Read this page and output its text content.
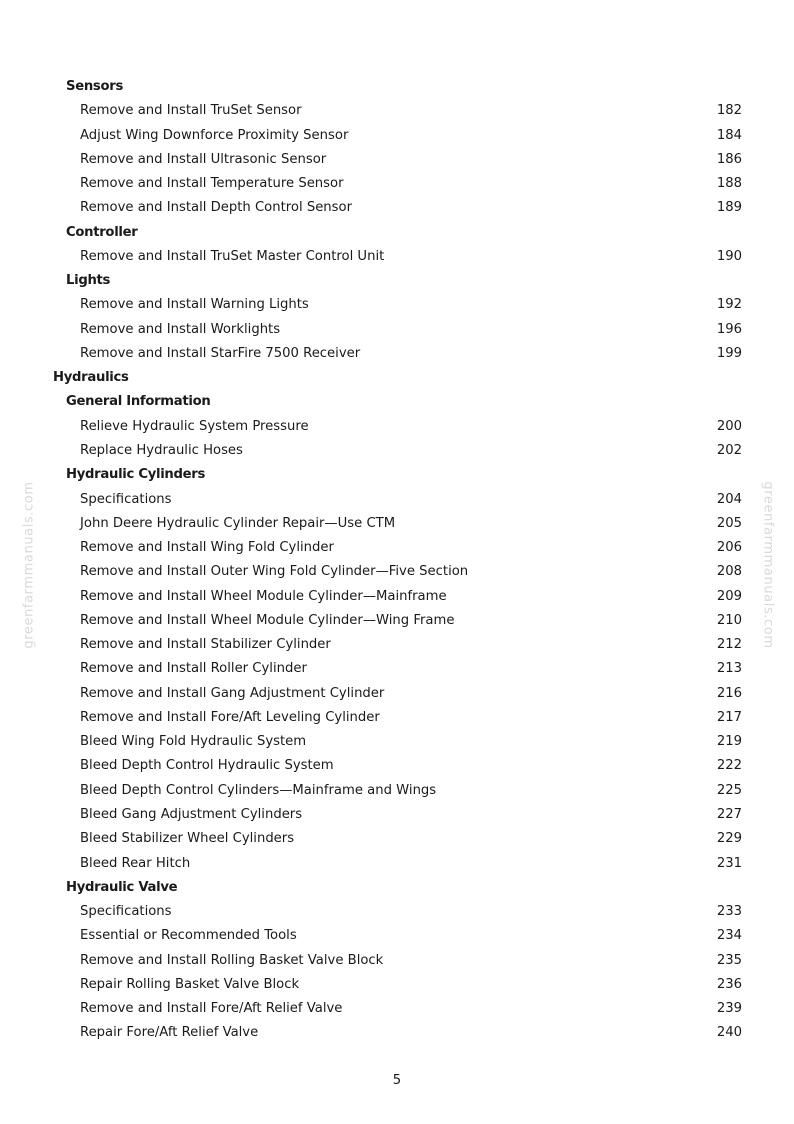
Sensors
Remove and Install TruSet Sensor	182
Adjust Wing Downforce Proximity Sensor	184
Remove and Install Ultrasonic Sensor	186
Remove and Install Temperature Sensor	188
Remove and Install Depth Control Sensor	189
Controller
Remove and Install TruSet Master Control Unit	190
Lights
Remove and Install Warning Lights	192
Remove and Install Worklights	196
Remove and Install StarFire 7500 Receiver	199
Hydraulics
General Information
Relieve Hydraulic System Pressure	200
Replace Hydraulic Hoses	202
Hydraulic Cylinders
Specifications	204
John Deere Hydraulic Cylinder Repair—Use CTM	205
Remove and Install Wing Fold Cylinder	206
Remove and Install Outer Wing Fold Cylinder—Five Section	208
Remove and Install Wheel Module Cylinder—Mainframe	209
Remove and Install Wheel Module Cylinder—Wing Frame	210
Remove and Install Stabilizer Cylinder	212
Remove and Install Roller Cylinder	213
Remove and Install Gang Adjustment Cylinder	216
Remove and Install Fore/Aft Leveling Cylinder	217
Bleed Wing Fold Hydraulic System	219
Bleed Depth Control Hydraulic System	222
Bleed Depth Control Cylinders—Mainframe and Wings	225
Bleed Gang Adjustment Cylinders	227
Bleed Stabilizer Wheel Cylinders	229
Bleed Rear Hitch	231
Hydraulic Valve
Specifications	233
Essential or Recommended Tools	234
Remove and Install Rolling Basket Valve Block	235
Repair Rolling Basket Valve Block	236
Remove and Install Fore/Aft Relief Valve	239
Repair Fore/Aft Relief Valve	240
5
greenfarmmanuals.com	greenfarmmanuals.com
